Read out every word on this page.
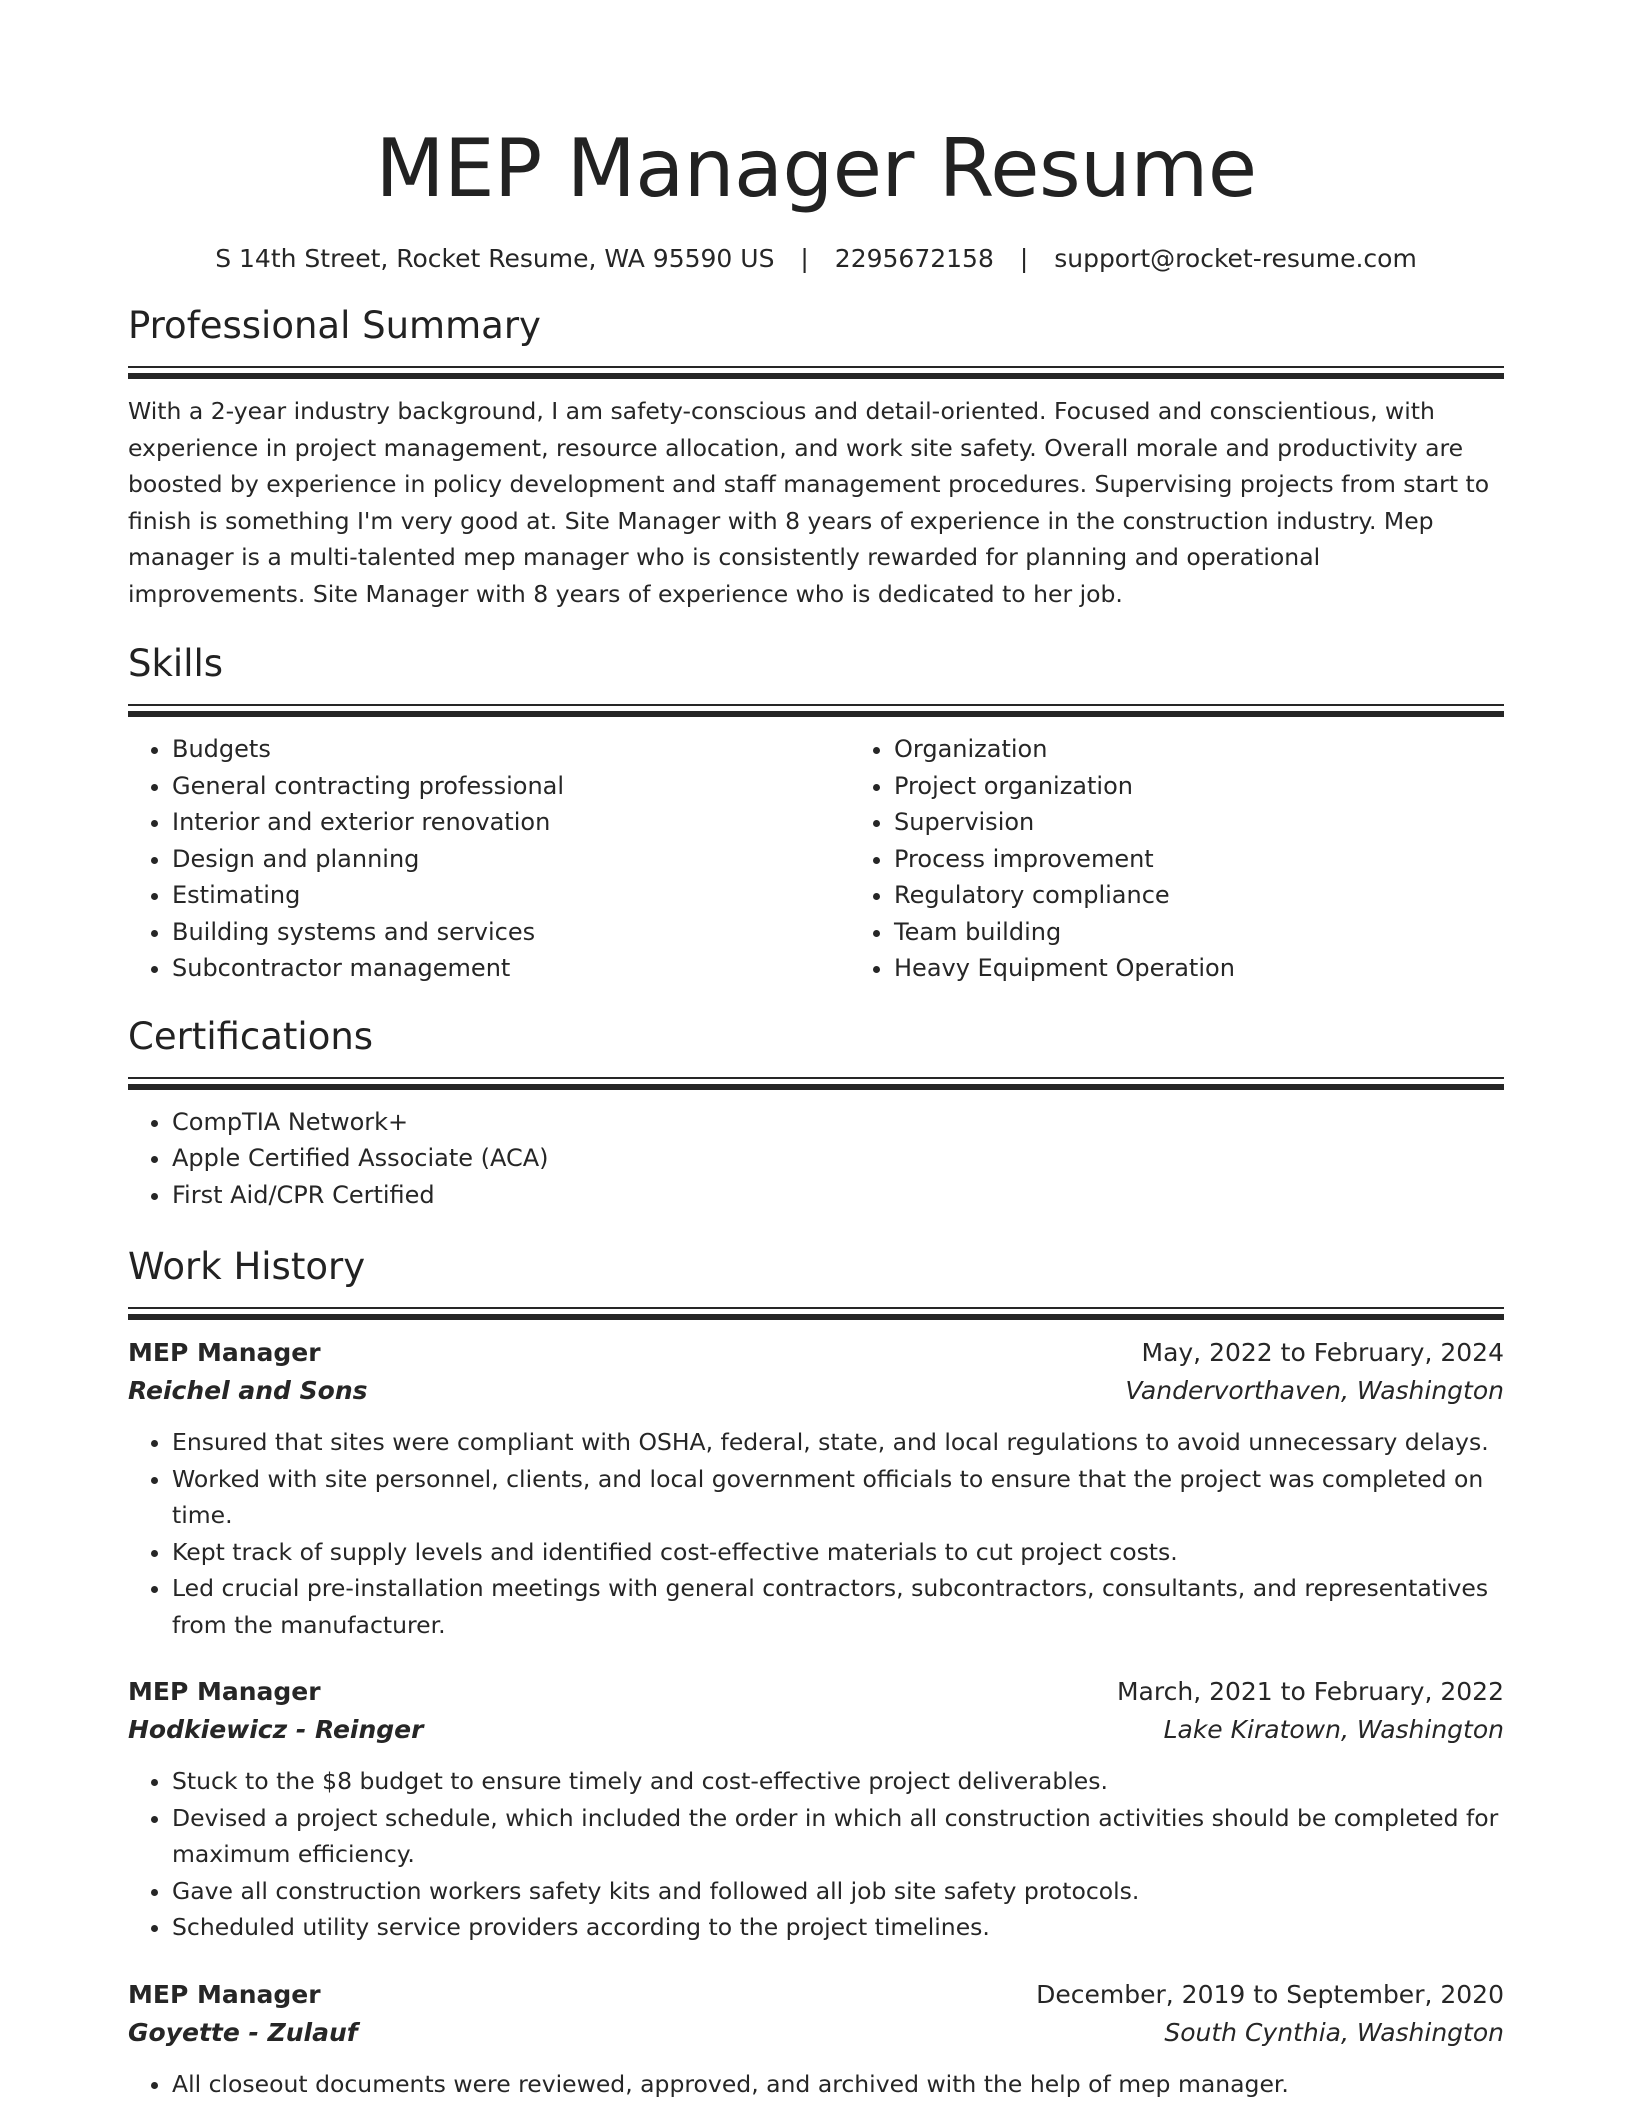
MEP Manager Resume
S 14th Street, Rocket Resume, WA 95590 US | 2295672158 | support@rocket-resume.com
Professional Summary

With a 2-year industry background, I am safety-conscious and detail-oriented. Focused and conscientious, with experience in project management, resource allocation, and work site safety. Overall morale and productivity are boosted by experience in policy development and staff management procedures. Supervising projects from start to finish is something I'm very good at. Site Manager with 8 years of experience in the construction industry. Mep manager is a multi-talented mep manager who is consistently rewarded for planning and operational improvements. Site Manager with 8 years of experience who is dedicated to her job.

Skills
• Budgets
• General contracting professional
• Interior and exterior renovation
• Design and planning
• Estimating
• Building systems and services
• Subcontractor management
• Organization
• Project organization
• Supervision
• Process improvement
• Regulatory compliance
• Team building
• Heavy Equipment Operation
Certifications
• CompTIA Network+
• Apple Certified Associate (ACA)
• First Aid/CPR Certified
Work History
MEP Manager	May, 2022 to February, 2024
Reichel and Sons	Vandervorthaven, Washington
• Ensured that sites were compliant with OSHA, federal, state, and local regulations to avoid unnecessary delays.
• Worked with site personnel, clients, and local government officials to ensure that the project was completed on time.
• Kept track of supply levels and identified cost-effective materials to cut project costs.
• Led crucial pre-installation meetings with general contractors, subcontractors, consultants, and representatives from the manufacturer.
MEP Manager	March, 2021 to February, 2022
Hodkiewicz - Reinger	Lake Kiratown, Washington
• Stuck to the $8 budget to ensure timely and cost-effective project deliverables.
• Devised a project schedule, which included the order in which all construction activities should be completed for maximum efficiency.
• Gave all construction workers safety kits and followed all job site safety protocols.
• Scheduled utility service providers according to the project timelines.
MEP Manager	December, 2019 to September, 2020
Goyette - Zulauf	South Cynthia, Washington
• All closeout documents were reviewed, approved, and archived with the help of mep manager.
